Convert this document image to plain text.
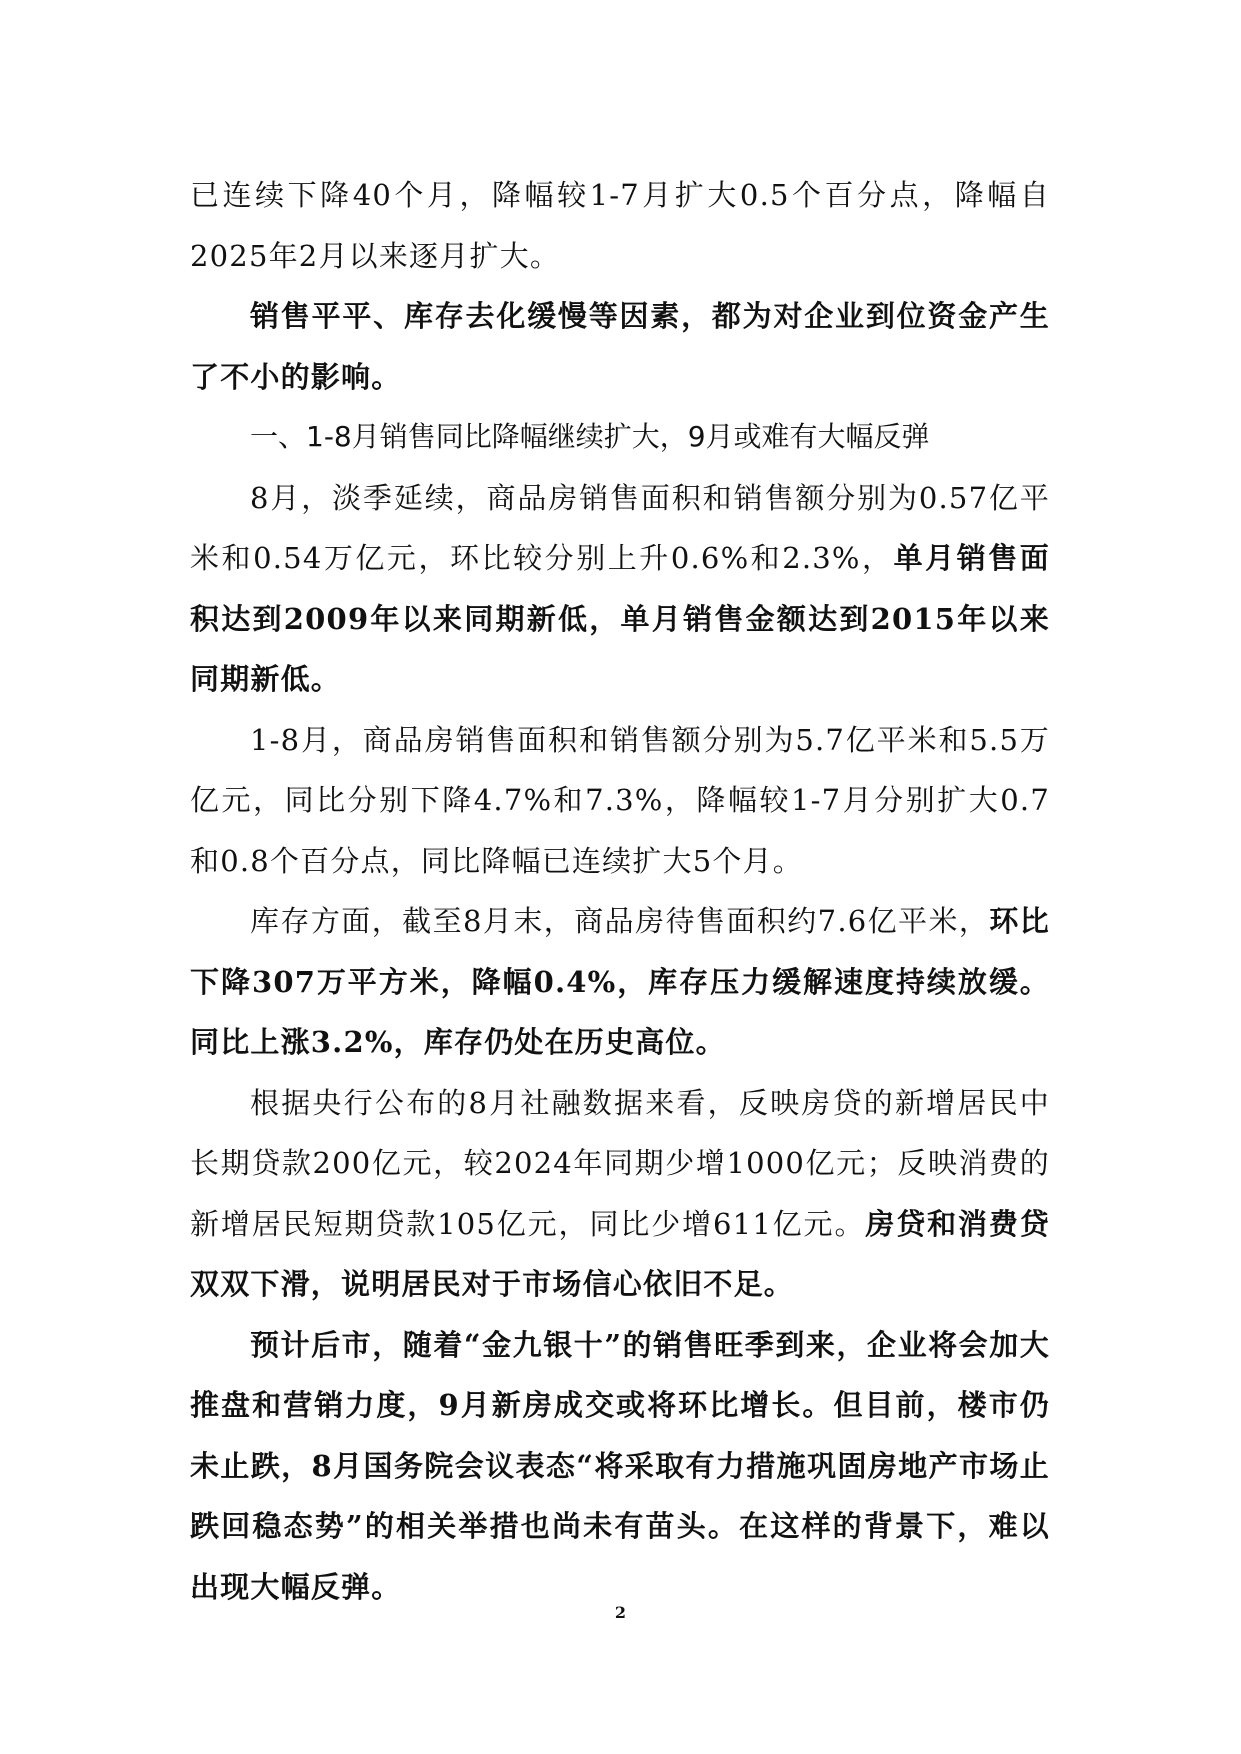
已连续下降40个月，降幅较1-7月扩大0.5个百分点，降幅自2025年2月以来逐月扩大。

销售平平、库存去化缓慢等因素，都为对企业到位资金产生了不小的影响。

一、1-8月销售同比降幅继续扩大，9月或难有大幅反弹

8月，淡季延续，商品房销售面积和销售额分别为0.57亿平米和0.54万亿元，环比较分别上升0.6%和2.3%，单月销售面积达到2009年以来同期新低，单月销售金额达到2015年以来同期新低。

1-8月，商品房销售面积和销售额分别为5.7亿平米和5.5万亿元，同比分别下降4.7%和7.3%，降幅较1-7月分别扩大0.7和0.8个百分点，同比降幅已连续扩大5个月。

库存方面，截至8月末，商品房待售面积约7.6亿平米，环比下降307万平方米，降幅0.4%，库存压力缓解速度持续放缓。同比上涨3.2%，库存仍处在历史高位。

根据央行公布的8月社融数据来看，反映房贷的新增居民中长期贷款200亿元，较2024年同期少增1000亿元；反映消费的新增居民短期贷款105亿元，同比少增611亿元。房贷和消费贷双双下滑，说明居民对于市场信心依旧不足。

预计后市，随着“金九银十”的销售旺季到来，企业将会加大推盘和营销力度，9月新房成交或将环比增长。但目前，楼市仍未止跌，8月国务院会议表态“将采取有力措施巩固房地产市场止跌回稳态势”的相关举措也尚未有苗头。在这样的背景下，难以出现大幅反弹。

2
